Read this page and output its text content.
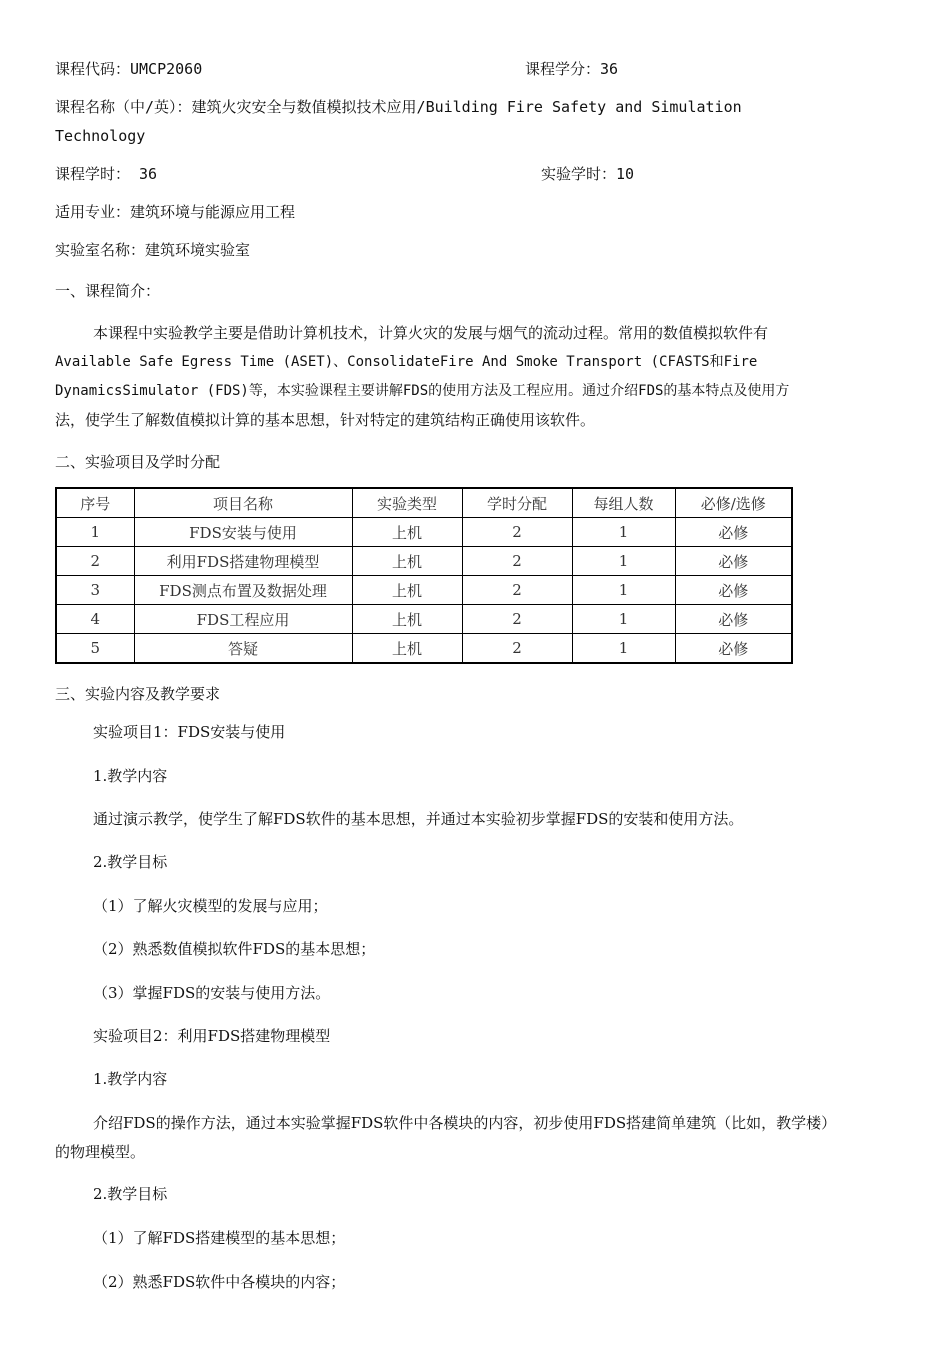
课程代码：UMCP2060	课程学分：36
课程名称（中/英）：建筑火灾安全与数值模拟技术应用/Building Fire Safety and Simulation
Technology
课程学时： 36	实验学时：10
适用专业：建筑环境与能源应用工程
实验室名称：建筑环境实验室
一、课程简介：
本课程中实验教学主要是借助计算机技术，计算火灾的发展与烟气的流动过程。常用的数值模拟软件有
Available Safe Egress Time (ASET)、ConsolidateFire And Smoke Transport (CFASTS和Fire
DynamicsSimulator (FDS)等，本实验课程主要讲解FDS的使用方法及工程应用。通过介绍FDS的基本特点及使用方
法，使学生了解数值模拟计算的基本思想，针对特定的建筑结构正确使用该软件。
二、实验项目及学时分配
序号	项目名称	实验类型	学时分配	每组人数	必修/选修
1	FDS安装与使用	上机	2	1	必修
2	利用FDS搭建物理模型	上机	2	1	必修
3	FDS测点布置及数据处理	上机	2	1	必修
4	FDS工程应用	上机	2	1	必修
5	答疑	上机	2	1	必修
三、实验内容及教学要求
实验项目1：FDS安装与使用
1.教学内容
通过演示教学，使学生了解FDS软件的基本思想，并通过本实验初步掌握FDS的安装和使用方法。
2.教学目标
（1）了解火灾模型的发展与应用；
（2）熟悉数值模拟软件FDS的基本思想；
（3）掌握FDS的安装与使用方法。
实验项目2：利用FDS搭建物理模型
1.教学内容
介绍FDS的操作方法，通过本实验掌握FDS软件中各模块的内容，初步使用FDS搭建简单建筑（比如，教学楼）
的物理模型。
2.教学目标
（1）了解FDS搭建模型的基本思想；
（2）熟悉FDS软件中各模块的内容；
